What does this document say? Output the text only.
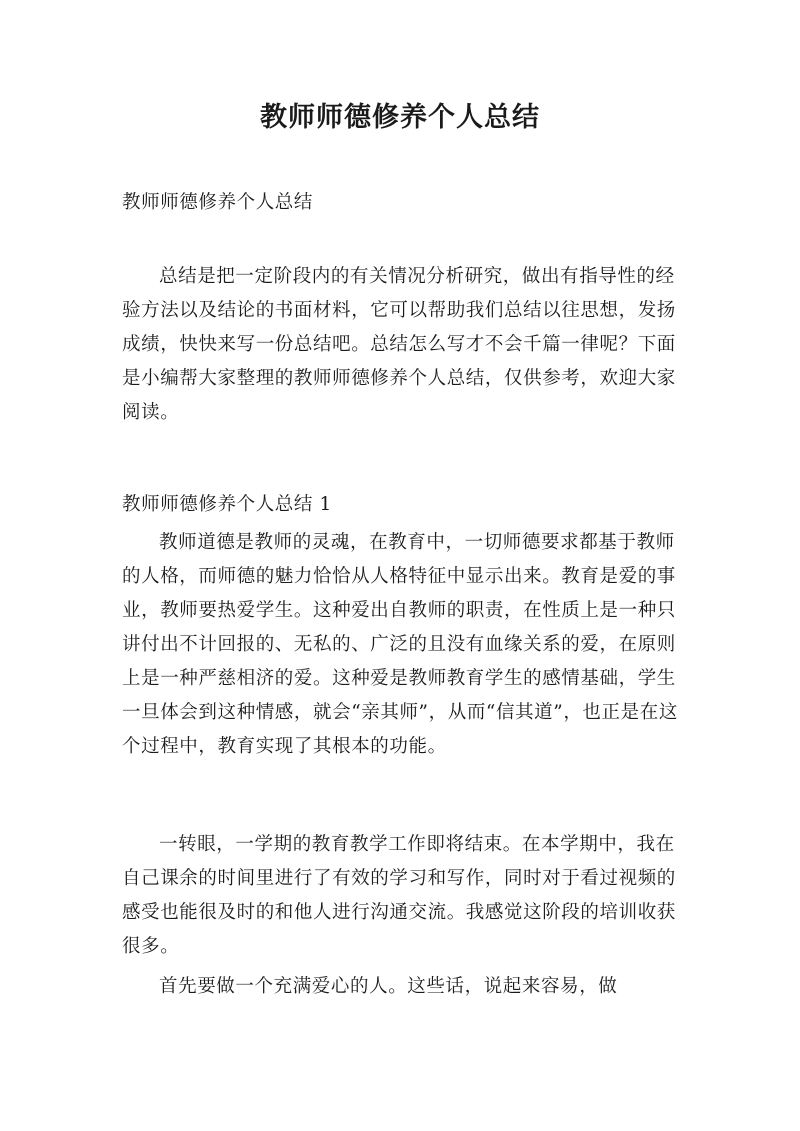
教师师德修养个人总结

教师师德修养个人总结

总结是把一定阶段内的有关情况分析研究，做出有指导性的经验方法以及结论的书面材料，它可以帮助我们总结以往思想，发扬成绩，快快来写一份总结吧。总结怎么写才不会千篇一律呢？下面是小编帮大家整理的教师师德修养个人总结，仅供参考，欢迎大家阅读。

教师师德修养个人总结 1

教师道德是教师的灵魂，在教育中，一切师德要求都基于教师的人格，而师德的魅力恰恰从人格特征中显示出来。教育是爱的事业，教师要热爱学生。这种爱出自教师的职责，在性质上是一种只讲付出不计回报的、无私的、广泛的且没有血缘关系的爱，在原则上是一种严慈相济的爱。这种爱是教师教育学生的感情基础，学生一旦体会到这种情感，就会“亲其师”，从而“信其道”，也正是在这个过程中，教育实现了其根本的功能。

一转眼，一学期的教育教学工作即将结束。在本学期中，我在自己课余的时间里进行了有效的学习和写作，同时对于看过视频的感受也能很及时的和他人进行沟通交流。我感觉这阶段的培训收获很多。

首先要做一个充满爱心的人。这些话，说起来容易，做
